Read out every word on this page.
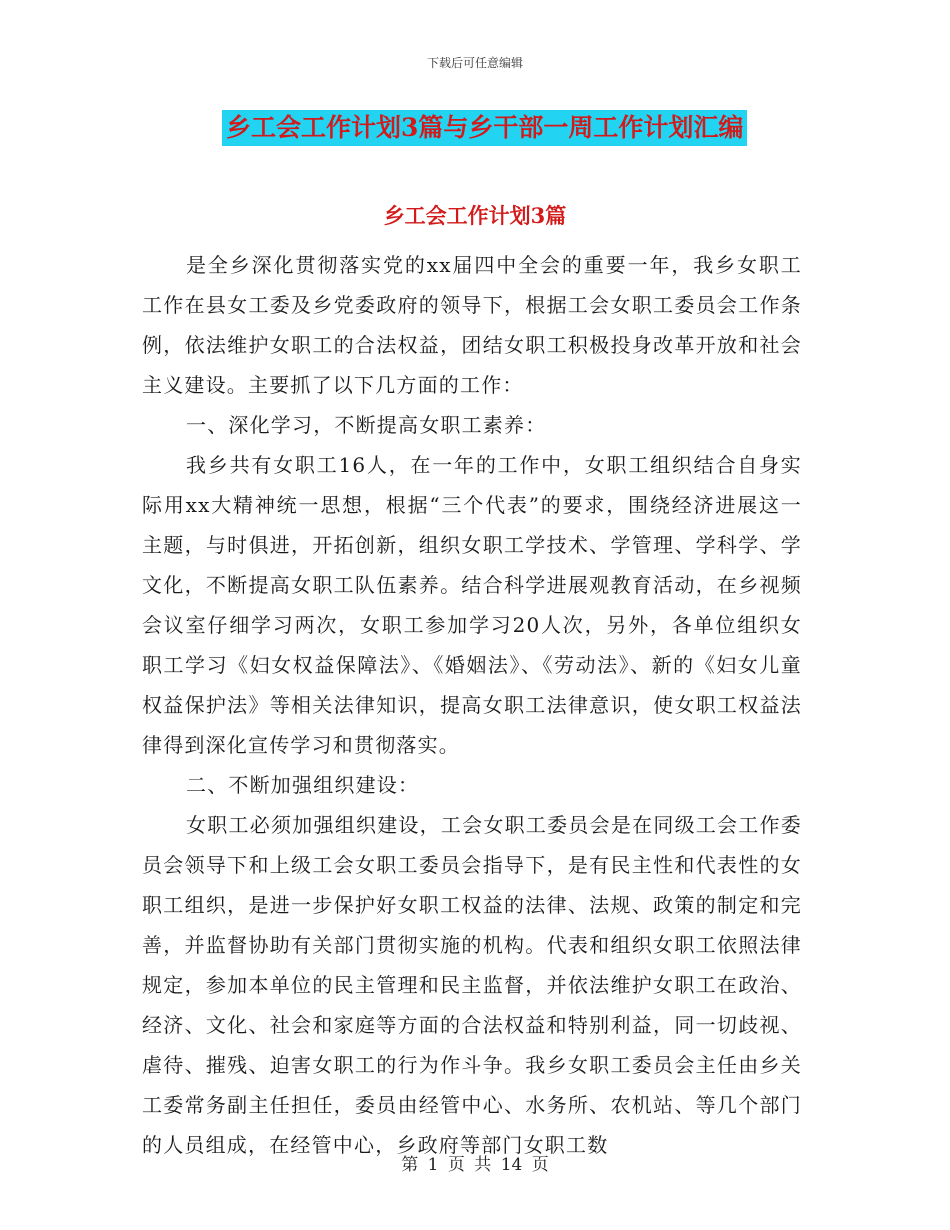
下载后可任意编辑
乡工会工作计划3篇与乡干部一周工作计划汇编
乡工会工作计划3篇

是全乡深化贯彻落实党的xx届四中全会的重要一年，我乡女职工工作在县女工委及乡党委政府的领导下，根据工会女职工委员会工作条例，依法维护女职工的合法权益，团结女职工积极投身改革开放和社会主义建设。主要抓了以下几方面的工作：

一、深化学习，不断提高女职工素养：

我乡共有女职工16人，在一年的工作中，女职工组织结合自身实际用xx大精神统一思想，根据“三个代表”的要求，围绕经济进展这一主题，与时俱进，开拓创新，组织女职工学技术、学管理、学科学、学文化，不断提高女职工队伍素养。结合科学进展观教育活动，在乡视频会议室仔细学习两次，女职工参加学习20人次，另外，各单位组织女职工学习《妇女权益保障法》、《婚姻法》、《劳动法》、新的《妇女儿童权益保护法》等相关法律知识，提高女职工法律意识，使女职工权益法律得到深化宣传学习和贯彻落实。

二、不断加强组织建设：

女职工必须加强组织建设，工会女职工委员会是在同级工会工作委员会领导下和上级工会女职工委员会指导下，是有民主性和代表性的女职工组织，是进一步保护好女职工权益的法律、法规、政策的制定和完善，并监督协助有关部门贯彻实施的机构。代表和组织女职工依照法律规定，参加本单位的民主管理和民主监督，并依法维护女职工在政治、经济、文化、社会和家庭等方面的合法权益和特别利益，同一切歧视、虐待、摧残、迫害女职工的行为作斗争。我乡女职工委员会主任由乡关工委常务副主任担任，委员由经管中心、水务所、农机站、等几个部门的人员组成，在经管中心，乡政府等部门女职工数

第 1 页 共 14 页
